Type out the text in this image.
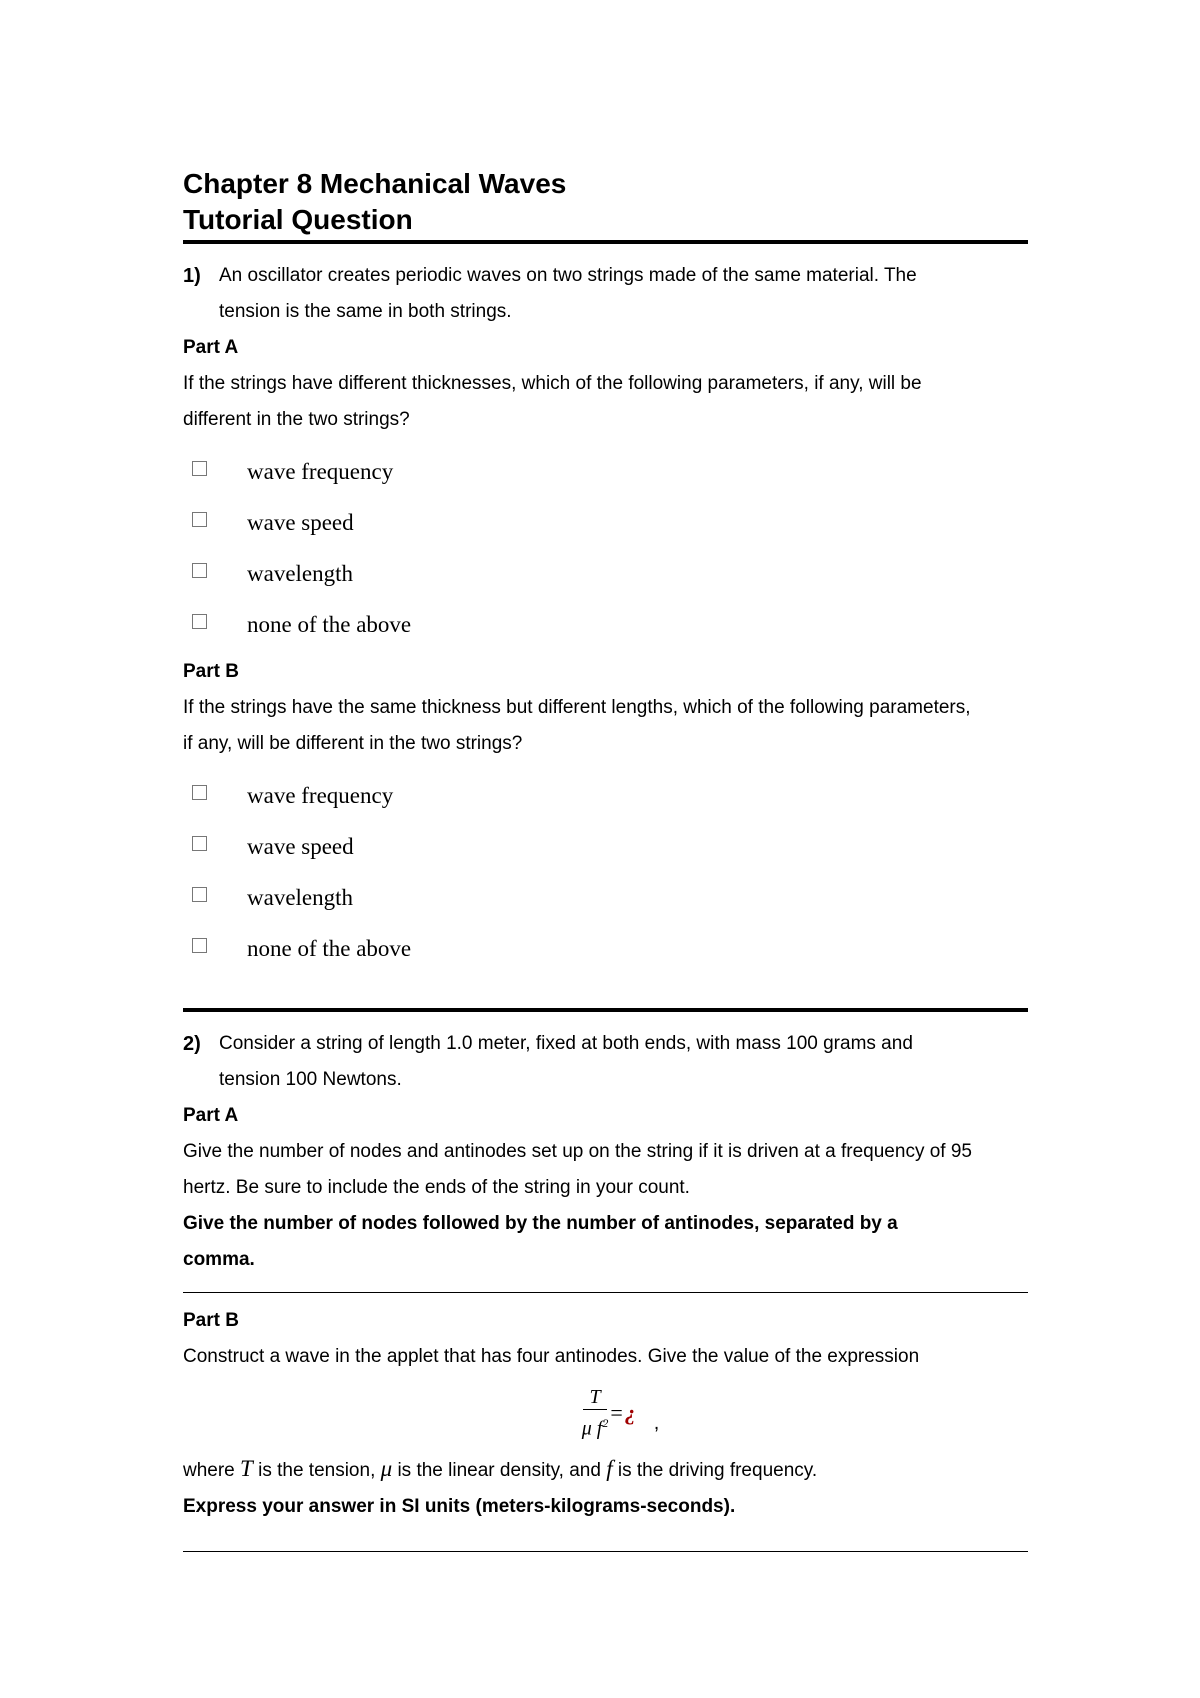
Chapter 8 Mechanical Waves
Tutorial Question
1) An oscillator creates periodic waves on two strings made of the same material. The
tension is the same in both strings.
Part A
If the strings have different thicknesses, which of the following parameters, if any, will be
different in the two strings?
wave frequency
wave speed
wavelength
none of the above
Part B
If the strings have the same thickness but different lengths, which of the following parameters,
if any, will be different in the two strings?
wave frequency
wave speed
wavelength
none of the above
2) Consider a string of length 1.0 meter, fixed at both ends, with mass 100 grams and
tension 100 Newtons.
Part A
Give the number of nodes and antinodes set up on the string if it is driven at a frequency of 95
hertz. Be sure to include the ends of the string in your count.
Give the number of nodes followed by the number of antinodes, separated by a
comma.
Part B
Construct a wave in the applet that has four antinodes. Give the value of the expression
$\frac{T}{\mu f^2}$ = ¿ ,
where T is the tension, μ is the linear density, and f is the driving frequency.
Express your answer in SI units (meters-kilograms-seconds).
